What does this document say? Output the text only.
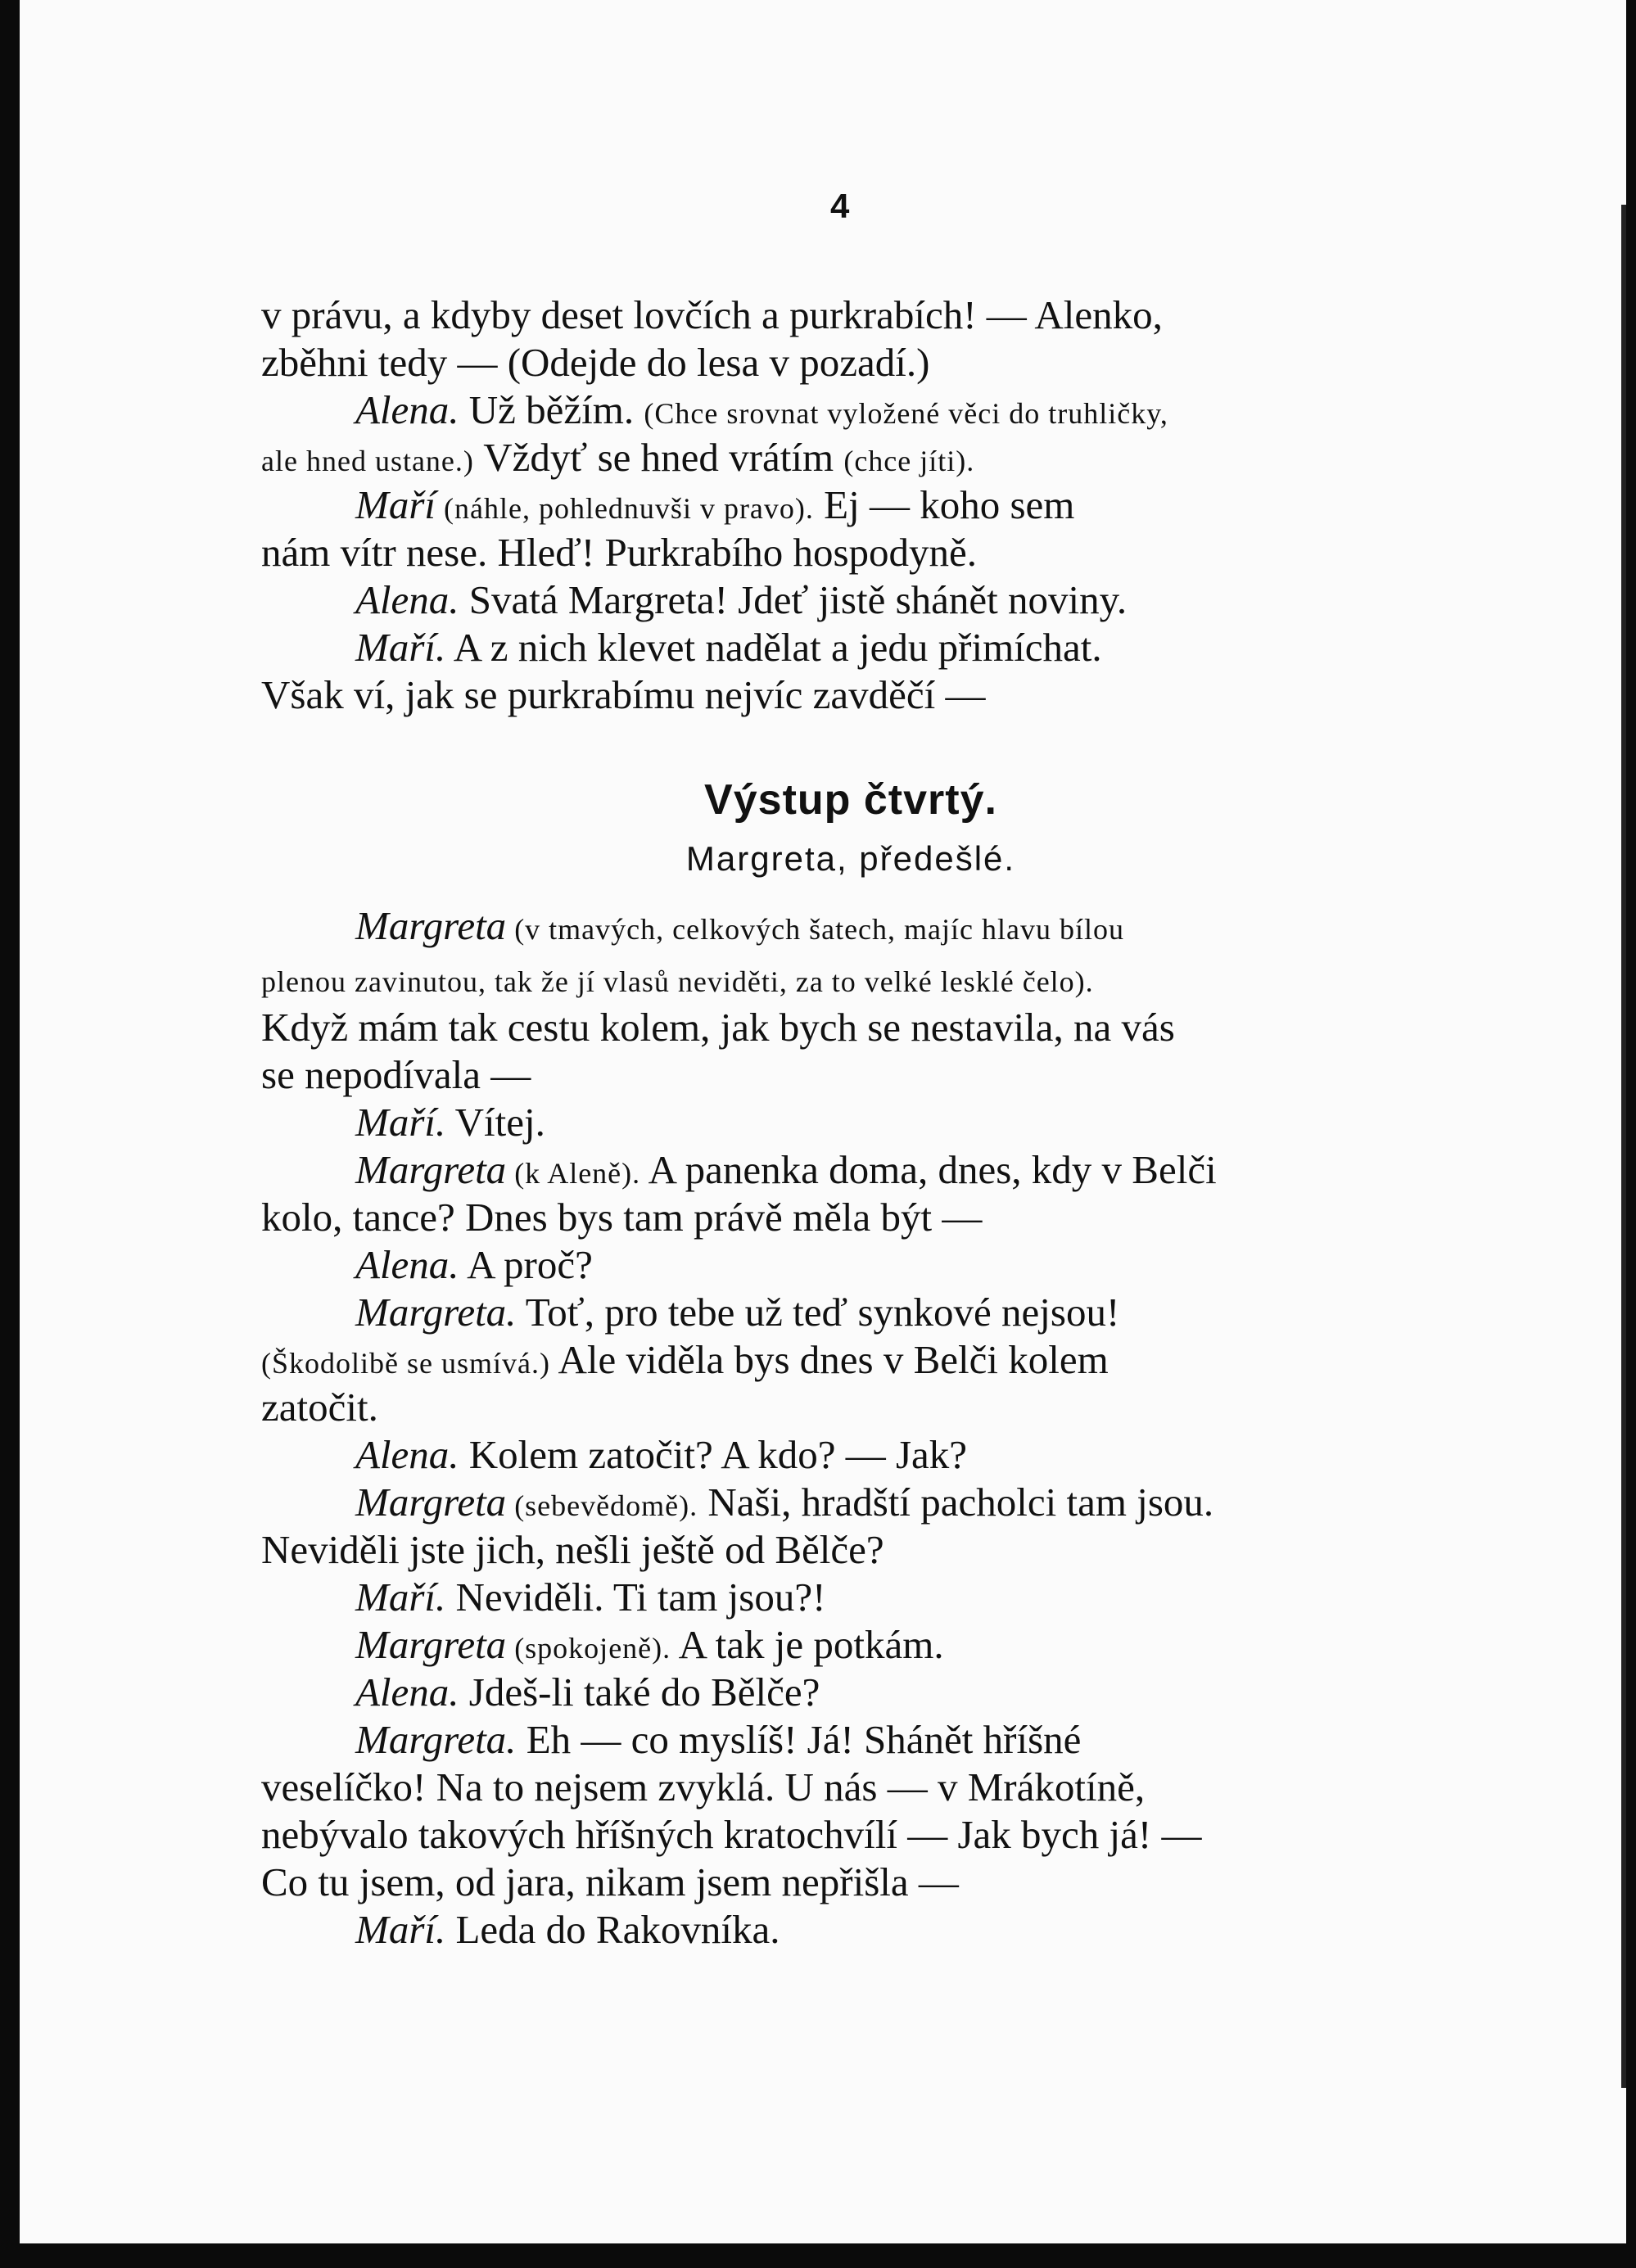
4
v právu, a kdyby deset lovčích a purkrabích! — Alenko,
zběhni tedy — (Odejde do lesa v pozadí.)
Alena. Už běžím. (Chce srovnat vyložené věci do truhličky,
ale hned ustane.) Vždyť se hned vrátím (chce jíti).
Maří (náhle, pohlednuvši v pravo). Ej — koho sem
nám vítr nese. Hleď! Purkrabího hospodyně.
Alena. Svatá Margreta! Jdeť jistě shánět noviny.
Maří. A z nich klevet nadělat a jedu přimíchat.
Však ví, jak se purkrabímu nejvíc zavděčí —
Výstup čtvrtý.
Margreta, předešlé.
Margreta (v tmavých, celkových šatech, majíc hlavu bílou
plenou zavinutou, tak že jí vlasů neviděti, za to velké lesklé čelo).
Když mám tak cestu kolem, jak bych se nestavila, na vás
se nepodívala —
Maří. Vítej.
Margreta (k Aleně). A panenka doma, dnes, kdy v Belči
kolo, tance? Dnes bys tam právě měla být —
Alena. A proč?
Margreta. Toť, pro tebe už teď synkové nejsou!
(Škodolibě se usmívá.) Ale viděla bys dnes v Belči kolem
zatočit.
Alena. Kolem zatočit? A kdo? — Jak?
Margreta (sebevědomě). Naši, hradští pacholci tam jsou.
Neviděli jste jich, nešli ještě od Bělče?
Maří. Neviděli. Ti tam jsou?!
Margreta (spokojeně). A tak je potkám.
Alena. Jdeš-li také do Bělče?
Margreta. Eh — co myslíš! Já! Shánět hříšné
veselíčko! Na to nejsem zvyklá. U nás — v Mrákotíně,
nebývalo takových hříšných kratochvílí — Jak bych já! —
Co tu jsem, od jara, nikam jsem nepřišla —
Maří. Leda do Rakovníka.
